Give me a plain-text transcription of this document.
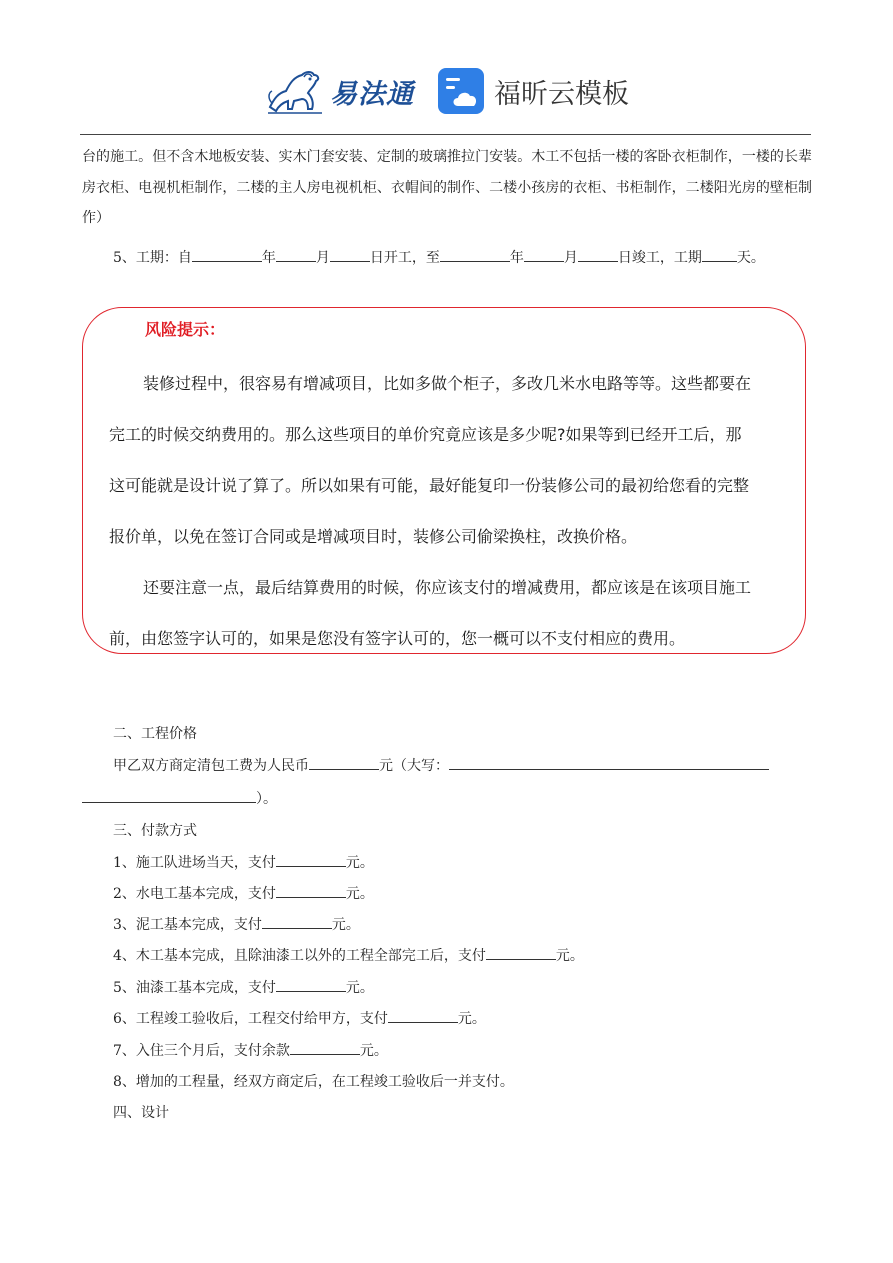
易法通	福昕云模板

台的施工。但不含木地板安装、实木门套安装、定制的玻璃推拉门安装。木工不包括一楼的客卧衣柜制作，一楼的长辈房衣柜、电视机柜制作，二楼的主人房电视机柜、衣帽间的制作、二楼小孩房的衣柜、书柜制作，二楼阳光房的壁柜制作）

5、工期：自	年	月	日开工，至	年	月	日竣工，工期	天。

风险提示：

装修过程中，很容易有增减项目，比如多做个柜子，多改几米水电路等等。这些都要在

完工的时候交纳费用的。那么这些项目的单价究竟应该是多少呢?如果等到已经开工后，那

这可能就是设计说了算了。所以如果有可能，最好能复印一份装修公司的最初给您看的完整

报价单，以免在签订合同或是增减项目时，装修公司偷梁换柱，改换价格。

还要注意一点，最后结算费用的时候，你应该支付的增减费用，都应该是在该项目施工

前，由您签字认可的，如果是您没有签字认可的，您一概可以不支付相应的费用。

二、工程价格

甲乙双方商定清包工费为人民币	元（大写：

）。

三、付款方式

1、施工队进场当天，支付	元。

2、水电工基本完成，支付	元。

3、泥工基本完成，支付	元。

4、木工基本完成，且除油漆工以外的工程全部完工后，支付	元。

5、油漆工基本完成，支付	元。

6、工程竣工验收后，工程交付给甲方，支付	元。

7、入住三个月后，支付余款	元。

8、增加的工程量，经双方商定后，在工程竣工验收后一并支付。

四、设计
